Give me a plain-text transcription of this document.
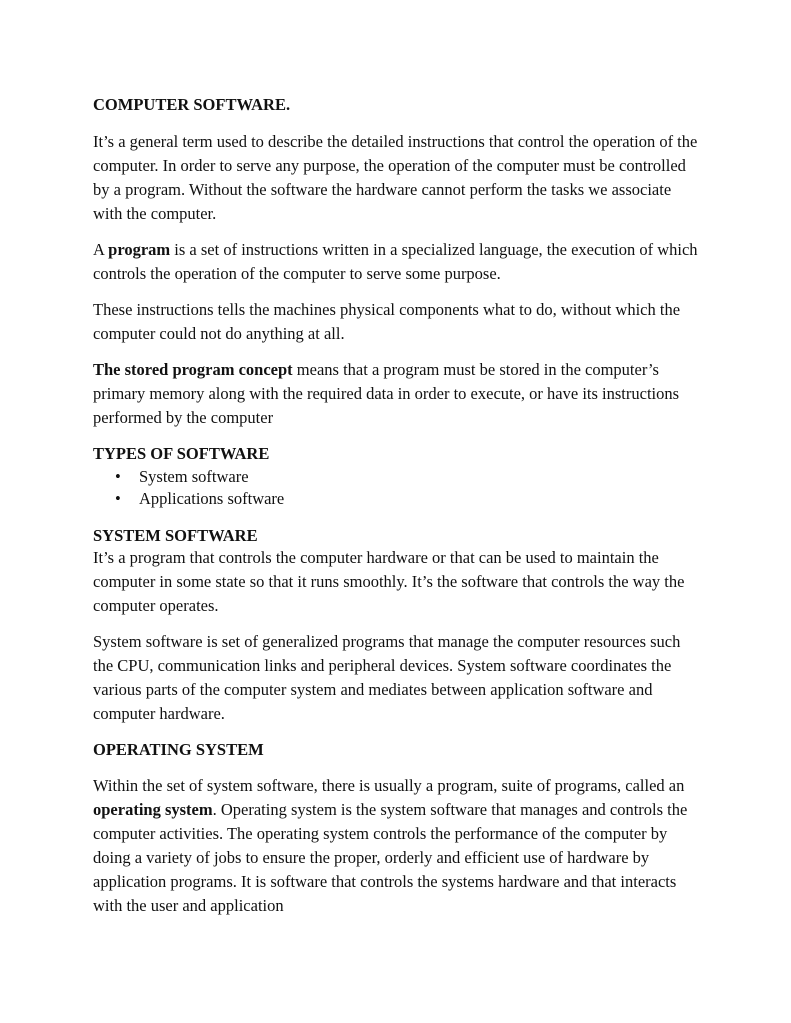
COMPUTER SOFTWARE.

It’s a general term used to describe the detailed instructions that control the operation of the computer. In order to serve any purpose, the operation of the computer must be controlled by a program. Without the software the hardware cannot perform the tasks we associate with the computer.

A program is a set of instructions written in a specialized language, the execution of which controls the operation of the computer to serve some purpose.

These instructions tells the machines physical components what to do, without which the computer could not do anything at all.

The stored program concept means that a program must be stored in the computer’s primary memory along with the required data in order to execute, or have its instructions performed by the computer

TYPES OF SOFTWARE

• System software
• Applications software

SYSTEM SOFTWARE

It’s a program that controls the computer hardware or that can be used to maintain the computer in some state so that it runs smoothly. It’s the software that controls the way the computer operates.

System software is set of generalized programs that manage the computer resources such the CPU, communication links and peripheral devices. System software coordinates the various parts of the computer system and mediates between application software and computer hardware.

OPERATING SYSTEM

Within the set of system software, there is usually a program, suite of programs, called an operating system. Operating system is the system software that manages and controls the computer activities. The operating system controls the performance of the computer by doing a variety of jobs to ensure the proper, orderly and efficient use of hardware by application programs. It is software that controls the systems hardware and that interacts with the user and application
